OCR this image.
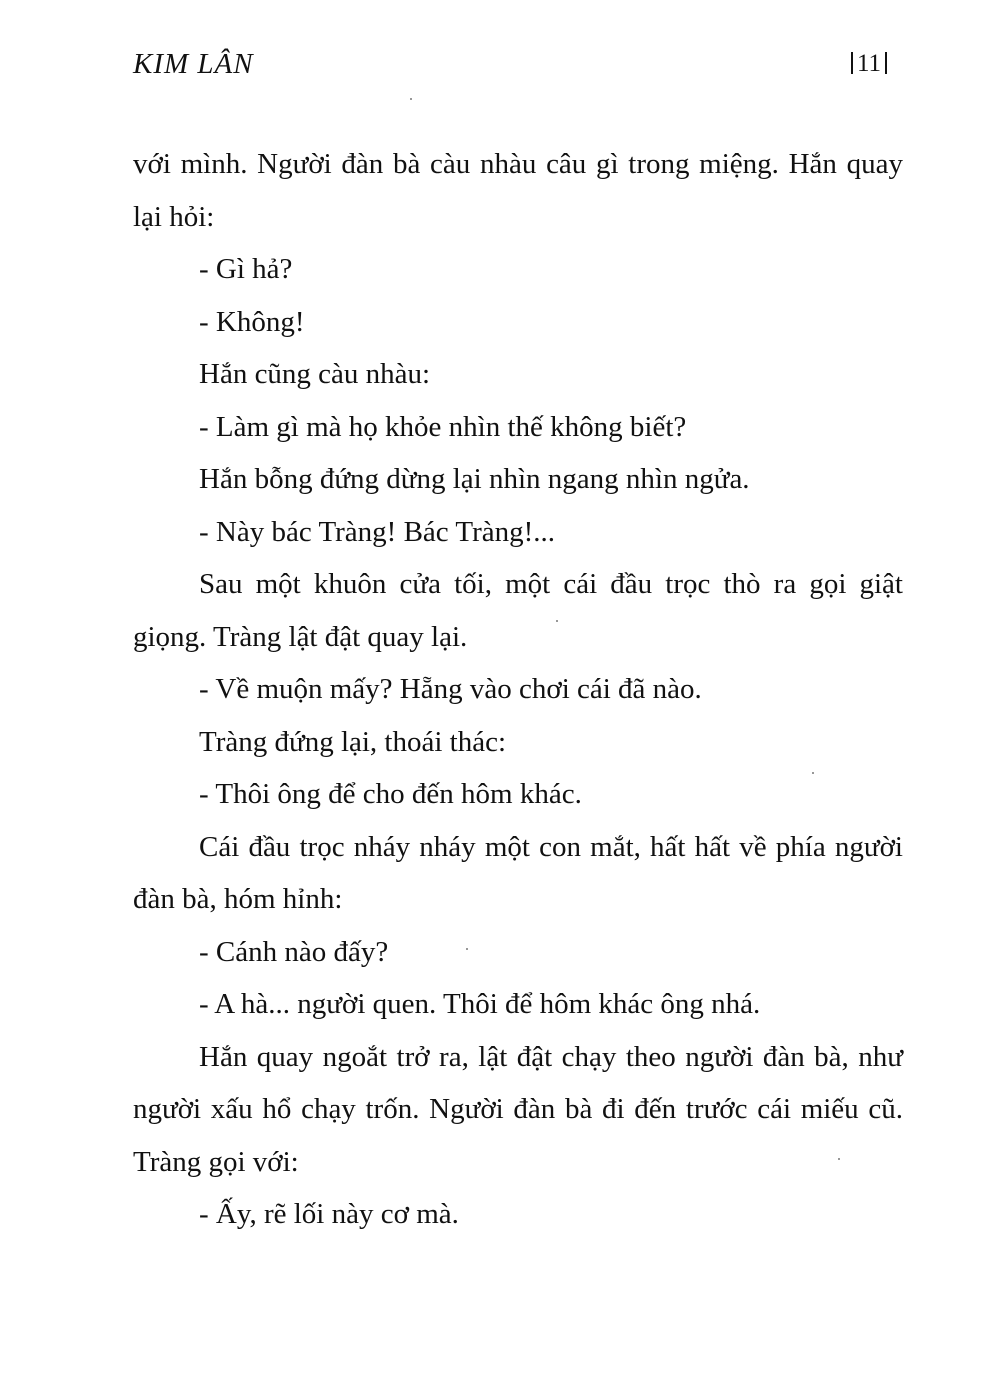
KIM LÂN	11

với mình. Người đàn bà càu nhàu câu gì trong miệng. Hắn quay lại hỏi:

- Gì hả?

- Không!

Hắn cũng càu nhàu:

- Làm gì mà họ khỏe nhìn thế không biết?

Hắn bỗng đứng dừng lại nhìn ngang nhìn ngửa.

- Này bác Tràng! Bác Tràng!...

Sau một khuôn cửa tối, một cái đầu trọc thò ra gọi giật giọng. Tràng lật đật quay lại.

- Về muộn mấy? Hẵng vào chơi cái đã nào.

Tràng đứng lại, thoái thác:

- Thôi ông để cho đến hôm khác.

Cái đầu trọc nháy nháy một con mắt, hất hất về phía người đàn bà, hóm hỉnh:

- Cánh nào đấy?

- A hà... người quen. Thôi để hôm khác ông nhá.

Hắn quay ngoắt trở ra, lật đật chạy theo người đàn bà, như người xấu hổ chạy trốn. Người đàn bà đi đến trước cái miếu cũ. Tràng gọi với:

- Ấy, rẽ lối này cơ mà.
